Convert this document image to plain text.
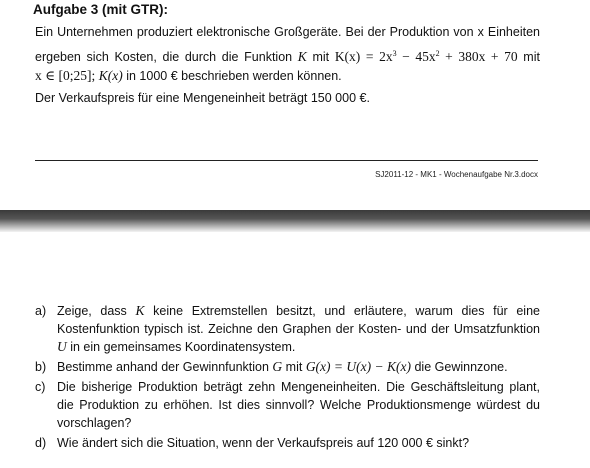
Aufgabe 3 (mit GTR):
Ein Unternehmen produziert elektronische Großgeräte. Bei der Produktion von x Einheiten
ergeben sich Kosten, die durch die Funktion K mit $K(x) = 2x^3 - 45x^2 + 380x + 70$ mit
x ∈ [0;25]; K(x) in 1000 € beschrieben werden können.
Der Verkaufspreis für eine Mengeneinheit beträgt 150 000 €.
SJ2011-12 - MK1 - Wochenaufgabe Nr.3.docx
a) Zeige, dass K keine Extremstellen besitzt, und erläutere, warum dies für eine Kostenfunktion typisch ist. Zeichne den Graphen der Kosten- und der Umsatzfunktion U in ein gemeinsames Koordinatensystem.
b) Bestimme anhand der Gewinnfunktion G mit G(x) = U(x) − K(x) die Gewinnzone.
c) Die bisherige Produktion beträgt zehn Mengeneinheiten. Die Geschäftsleitung plant, die Produktion zu erhöhen. Ist dies sinnvoll? Welche Produktionsmenge würdest du vorschlagen?
d) Wie ändert sich die Situation, wenn der Verkaufspreis auf 120 000 € sinkt?
